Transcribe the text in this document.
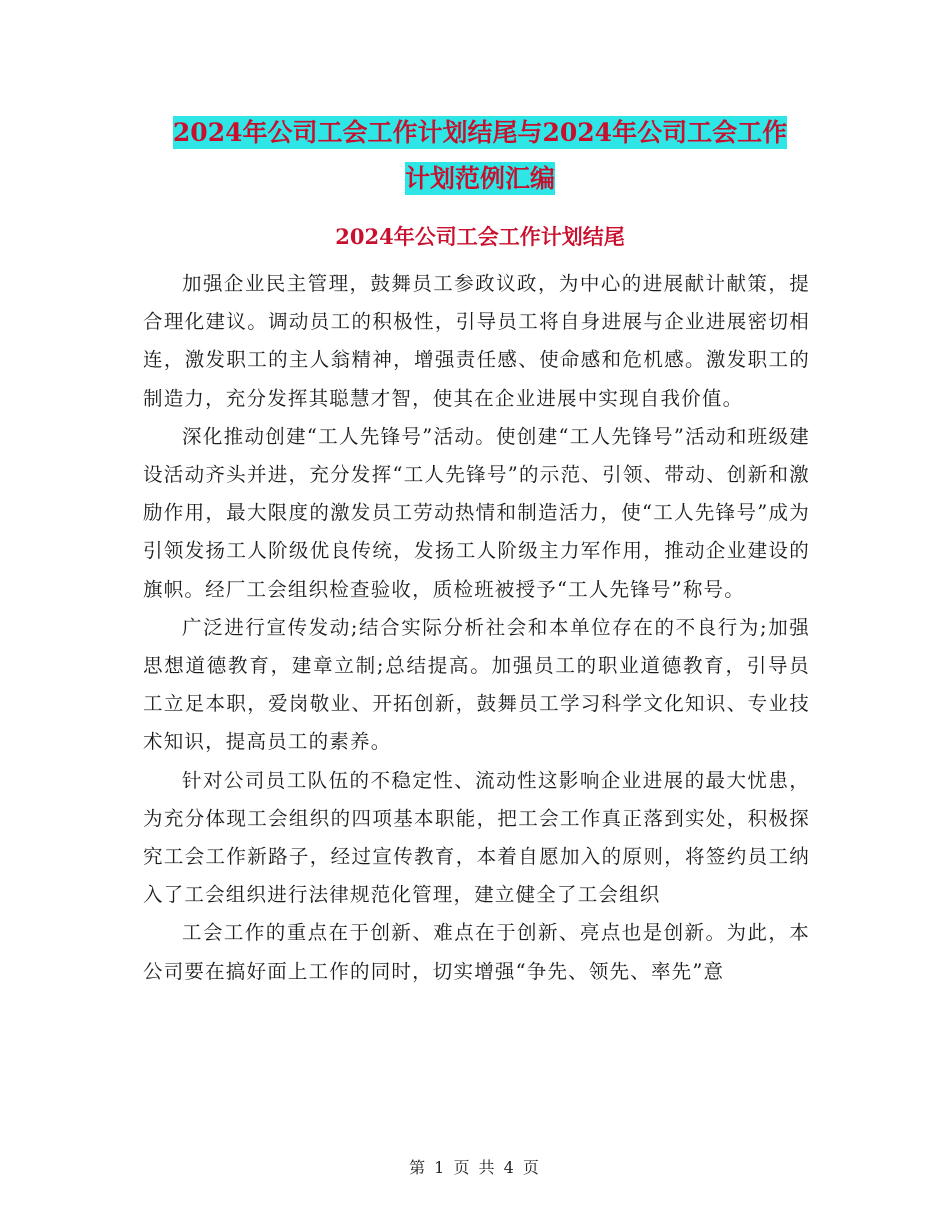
2024年公司工会工作计划结尾与2024年公司工会工作
计划范例汇编
2024年公司工会工作计划结尾

加强企业民主管理，鼓舞员工参政议政，为中心的进展献计献策，提合理化建议。调动员工的积极性，引导员工将自身进展与企业进展密切相连，激发职工的主人翁精神，增强责任感、使命感和危机感。激发职工的制造力，充分发挥其聪慧才智，使其在企业进展中实现自我价值。

深化推动创建“工人先锋号”活动。使创建“工人先锋号”活动和班级建设活动齐头并进，充分发挥“工人先锋号”的示范、引领、带动、创新和激励作用，最大限度的激发员工劳动热情和制造活力，使“工人先锋号”成为引领发扬工人阶级优良传统，发扬工人阶级主力军作用，推动企业建设的旗帜。经厂工会组织检查验收，质检班被授予“工人先锋号”称号。

广泛进行宣传发动;结合实际分析社会和本单位存在的不良行为;加强思想道德教育，建章立制;总结提高。加强员工的职业道德教育，引导员工立足本职，爱岗敬业、开拓创新，鼓舞员工学习科学文化知识、专业技术知识，提高员工的素养。

针对公司员工队伍的不稳定性、流动性这影响企业进展的最大忧患，为充分体现工会组织的四项基本职能，把工会工作真正落到实处，积极探究工会工作新路子，经过宣传教育，本着自愿加入的原则，将签约员工纳入了工会组织进行法律规范化管理，建立健全了工会组织

工会工作的重点在于创新、难点在于创新、亮点也是创新。为此，本公司要在搞好面上工作的同时，切实增强“争先、领先、率先”意

第 1 页 共 4 页
